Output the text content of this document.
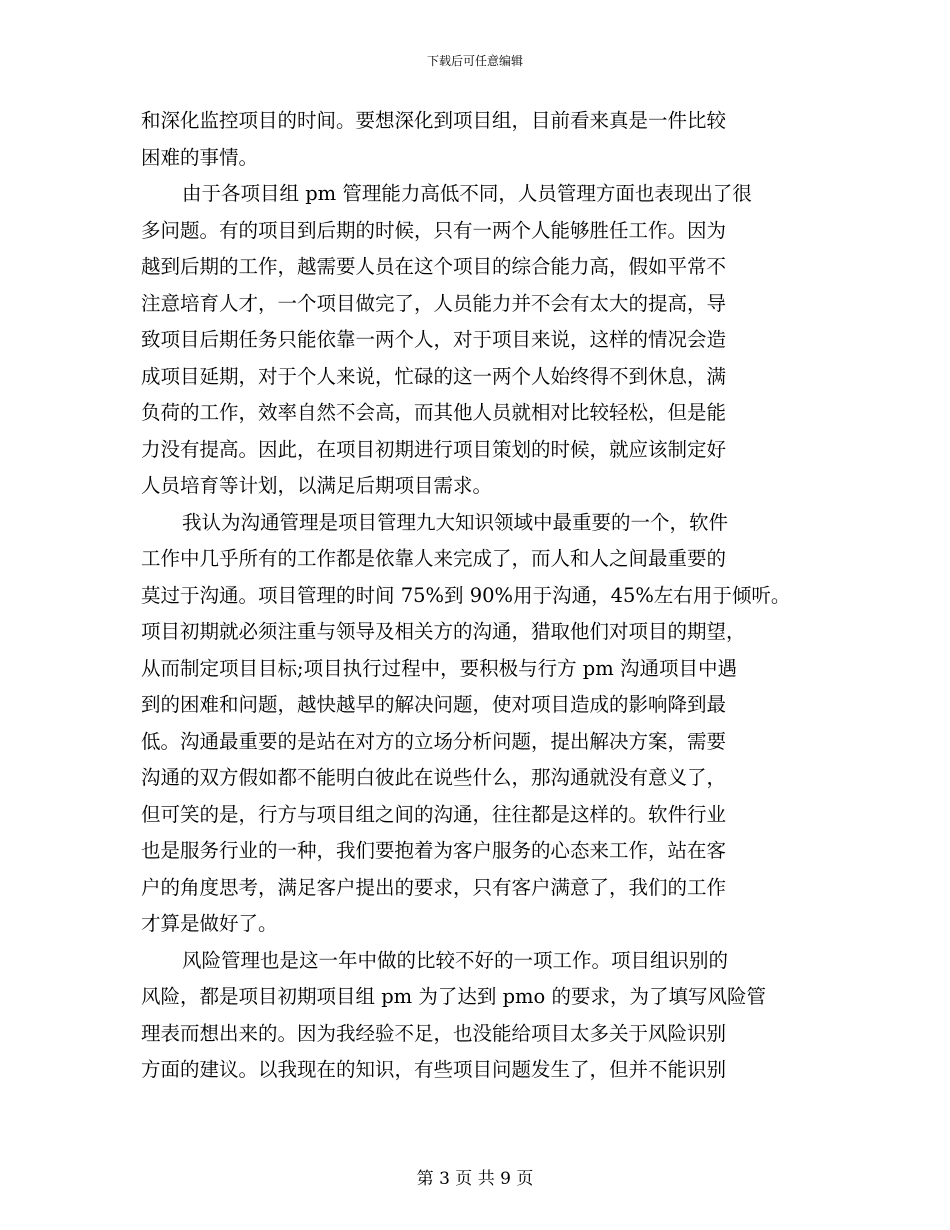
下载后可任意编辑
和深化监控项目的时间。要想深化到项目组，目前看来真是一件比较
困难的事情。
由于各项目组 pm 管理能力高低不同，人员管理方面也表现出了很
多问题。有的项目到后期的时候，只有一两个人能够胜任工作。因为
越到后期的工作，越需要人员在这个项目的综合能力高，假如平常不
注意培育人才，一个项目做完了，人员能力并不会有太大的提高，导
致项目后期任务只能依靠一两个人，对于项目来说，这样的情况会造
成项目延期，对于个人来说，忙碌的这一两个人始终得不到休息，满
负荷的工作，效率自然不会高，而其他人员就相对比较轻松，但是能
力没有提高。因此，在项目初期进行项目策划的时候，就应该制定好
人员培育等计划，以满足后期项目需求。
我认为沟通管理是项目管理九大知识领域中最重要的一个，软件
工作中几乎所有的工作都是依靠人来完成了，而人和人之间最重要的
莫过于沟通。项目管理的时间 75%到 90%用于沟通，45%左右用于倾听。
项目初期就必须注重与领导及相关方的沟通，猎取他们对项目的期望，
从而制定项目目标;项目执行过程中，要积极与行方 pm 沟通项目中遇
到的困难和问题，越快越早的解决问题，使对项目造成的影响降到最
低。沟通最重要的是站在对方的立场分析问题，提出解决方案，需要
沟通的双方假如都不能明白彼此在说些什么，那沟通就没有意义了，
但可笑的是，行方与项目组之间的沟通，往往都是这样的。软件行业
也是服务行业的一种，我们要抱着为客户服务的心态来工作，站在客
户的角度思考，满足客户提出的要求，只有客户满意了，我们的工作
才算是做好了。
风险管理也是这一年中做的比较不好的一项工作。项目组识别的
风险，都是项目初期项目组 pm 为了达到 pmo 的要求，为了填写风险管
理表而想出来的。因为我经验不足，也没能给项目太多关于风险识别
方面的建议。以我现在的知识，有些项目问题发生了，但并不能识别
第 3 页 共 9 页
